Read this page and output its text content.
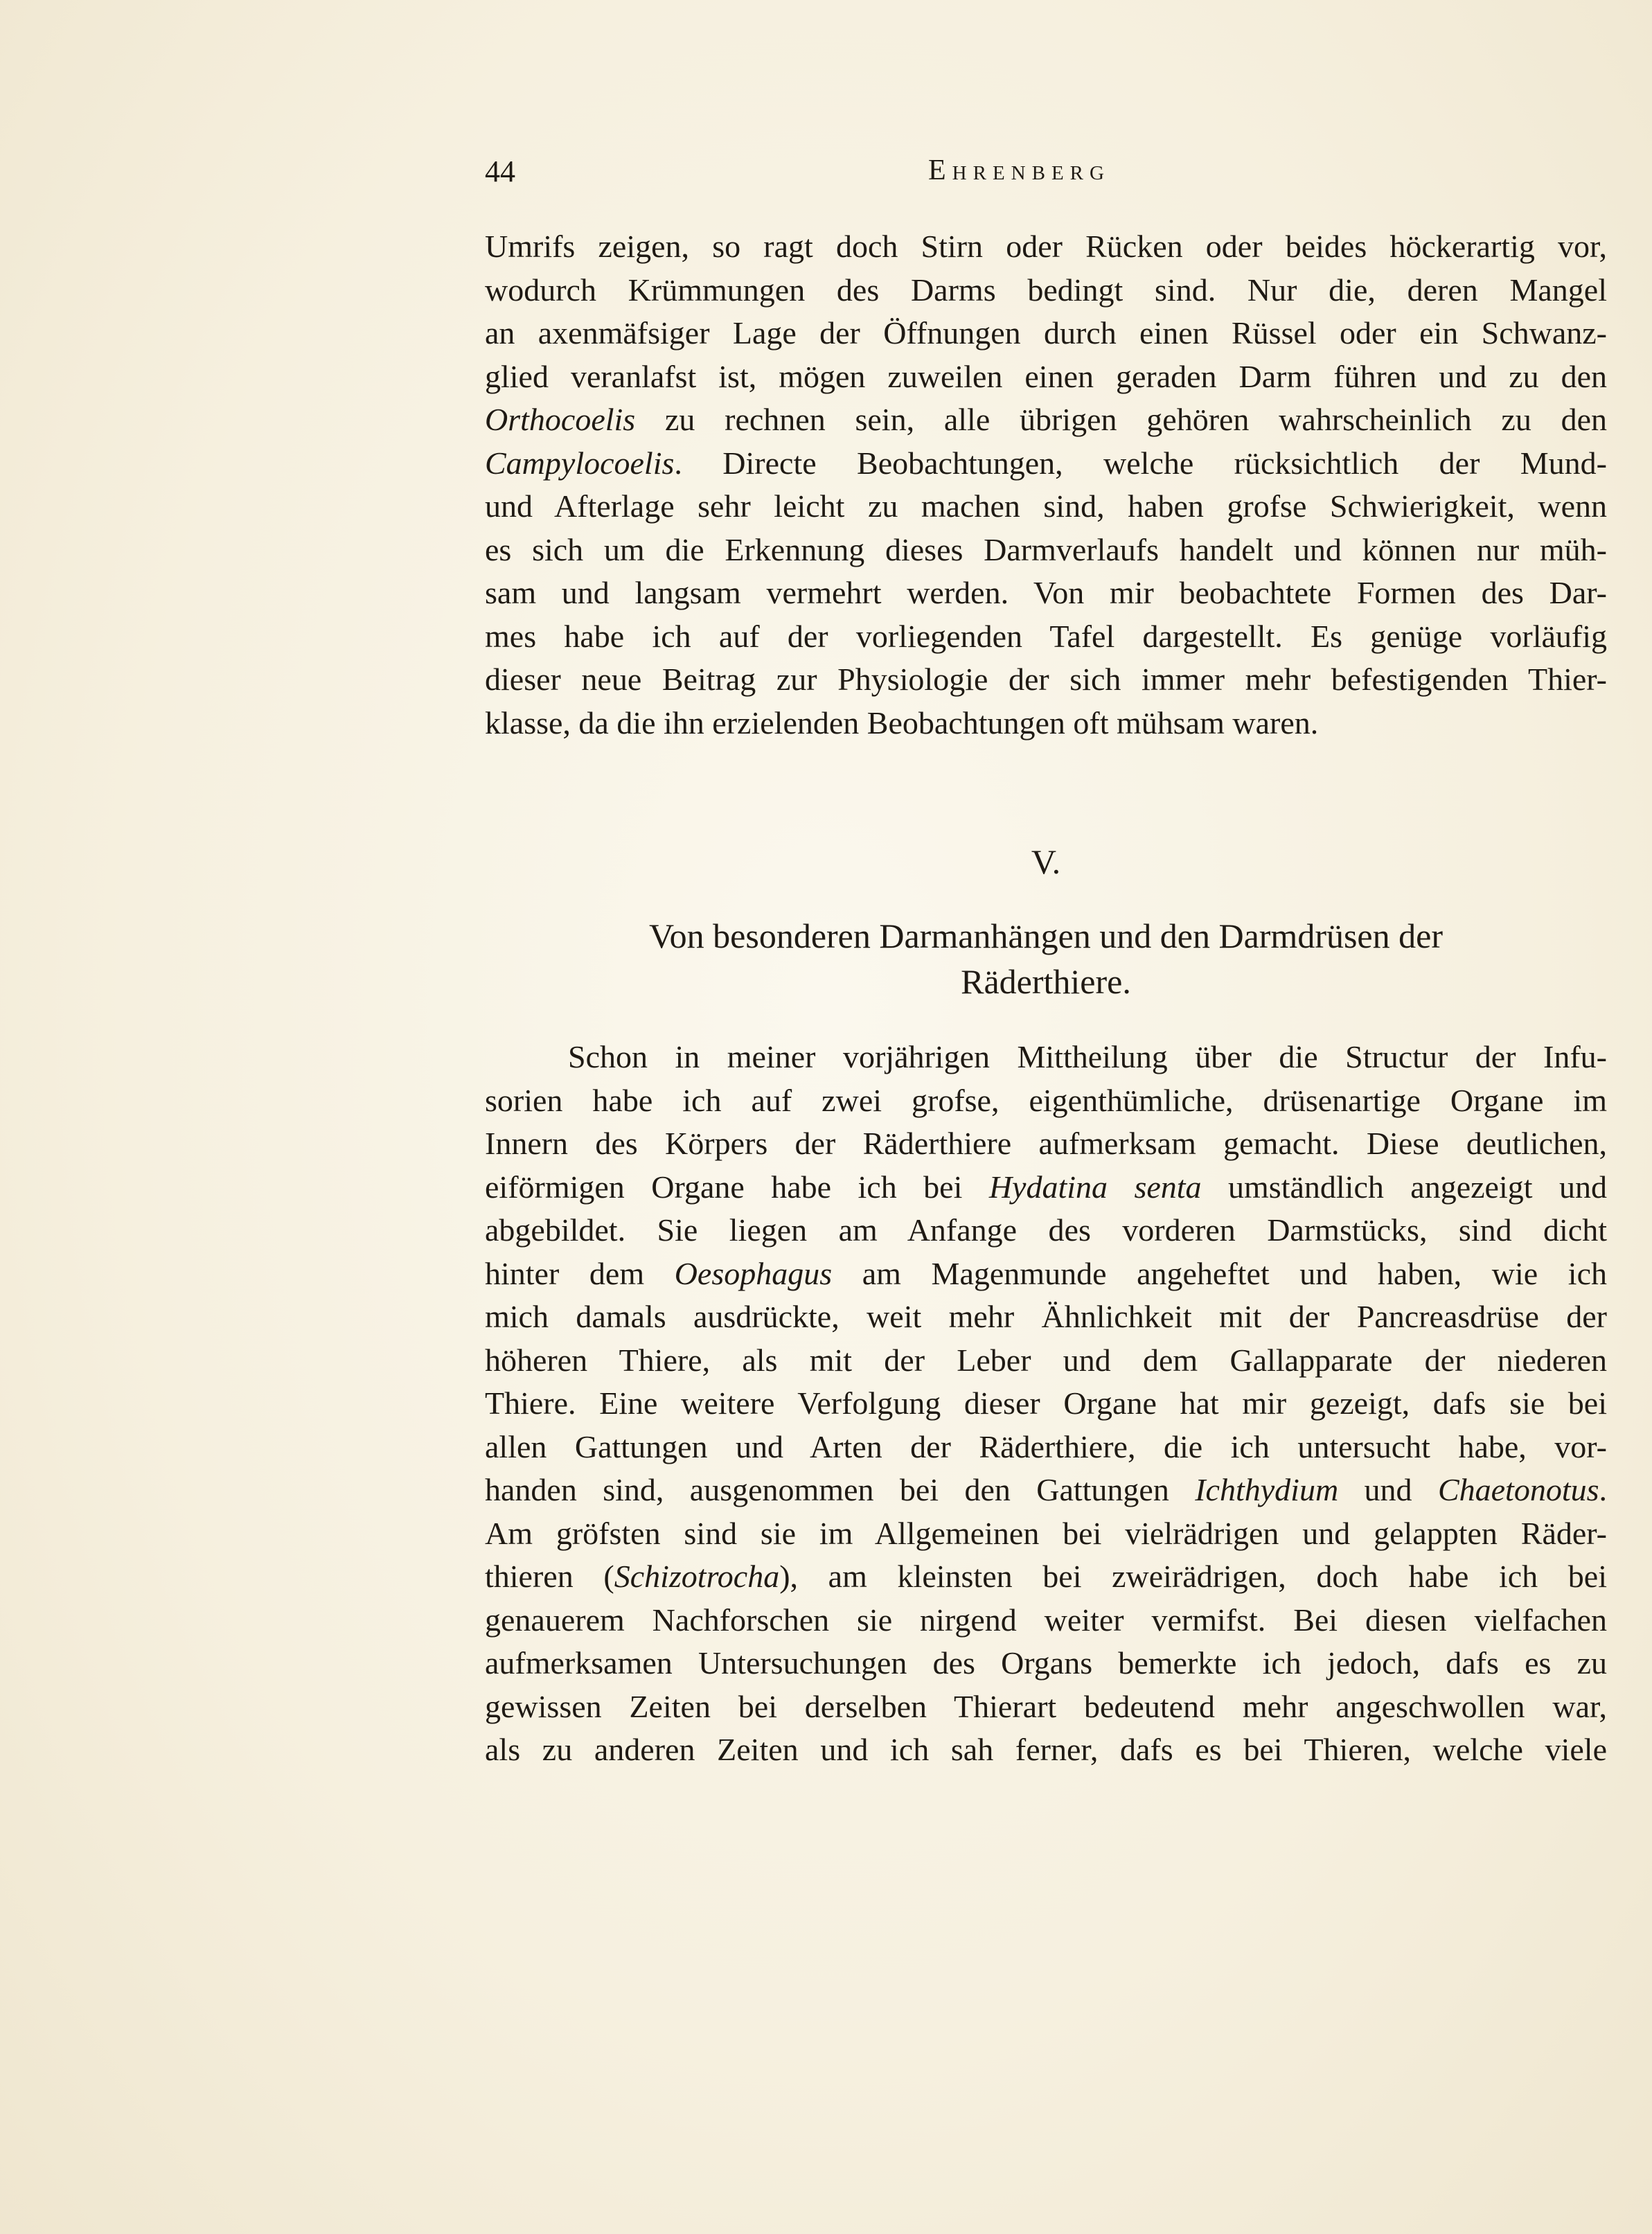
44	Ehrenberg

Umrifs zeigen, so ragt doch Stirn oder Rücken oder beides höckerartig vor,
wodurch Krümmungen des Darms bedingt sind. Nur die, deren Mangel
an axenmäfsiger Lage der Öffnungen durch einen Rüssel oder ein Schwanz-
glied veranlafst ist, mögen zuweilen einen geraden Darm führen und zu den
Orthocoelis zu rechnen sein, alle übrigen gehören wahrscheinlich zu den
Campylocoelis. Directe Beobachtungen, welche rücksichtlich der Mund-
und Afterlage sehr leicht zu machen sind, haben grofse Schwierigkeit, wenn
es sich um die Erkennung dieses Darmverlaufs handelt und können nur müh-
sam und langsam vermehrt werden. Von mir beobachtete Formen des Dar-
mes habe ich auf der vorliegenden Tafel dargestellt. Es genüge vorläufig
dieser neue Beitrag zur Physiologie der sich immer mehr befestigenden Thier-
klasse, da die ihn erzielenden Beobachtungen oft mühsam waren.

V.
Von besonderen Darmanhängen und den Darmdrüsen der
Räderthiere.

Schon in meiner vorjährigen Mittheilung über die Structur der Infu-
sorien habe ich auf zwei grofse, eigenthümliche, drüsenartige Organe im
Innern des Körpers der Räderthiere aufmerksam gemacht. Diese deutlichen,
eiförmigen Organe habe ich bei Hydatina senta umständlich angezeigt und
abgebildet. Sie liegen am Anfange des vorderen Darmstücks, sind dicht
hinter dem Oesophagus am Magenmunde angeheftet und haben, wie ich
mich damals ausdrückte, weit mehr Ähnlichkeit mit der Pancreasdrüse der
höheren Thiere, als mit der Leber und dem Gallapparate der niederen
Thiere. Eine weitere Verfolgung dieser Organe hat mir gezeigt, dafs sie bei
allen Gattungen und Arten der Räderthiere, die ich untersucht habe, vor-
handen sind, ausgenommen bei den Gattungen Ichthydium und Chaetonotus.
Am gröfsten sind sie im Allgemeinen bei vielrädrigen und gelappten Räder-
thieren (Schizotrocha), am kleinsten bei zweirädrigen, doch habe ich bei
genauerem Nachforschen sie nirgend weiter vermifst. Bei diesen vielfachen
aufmerksamen Untersuchungen des Organs bemerkte ich jedoch, dafs es zu
gewissen Zeiten bei derselben Thierart bedeutend mehr angeschwollen war,
als zu anderen Zeiten und ich sah ferner, dafs es bei Thieren, welche viele
